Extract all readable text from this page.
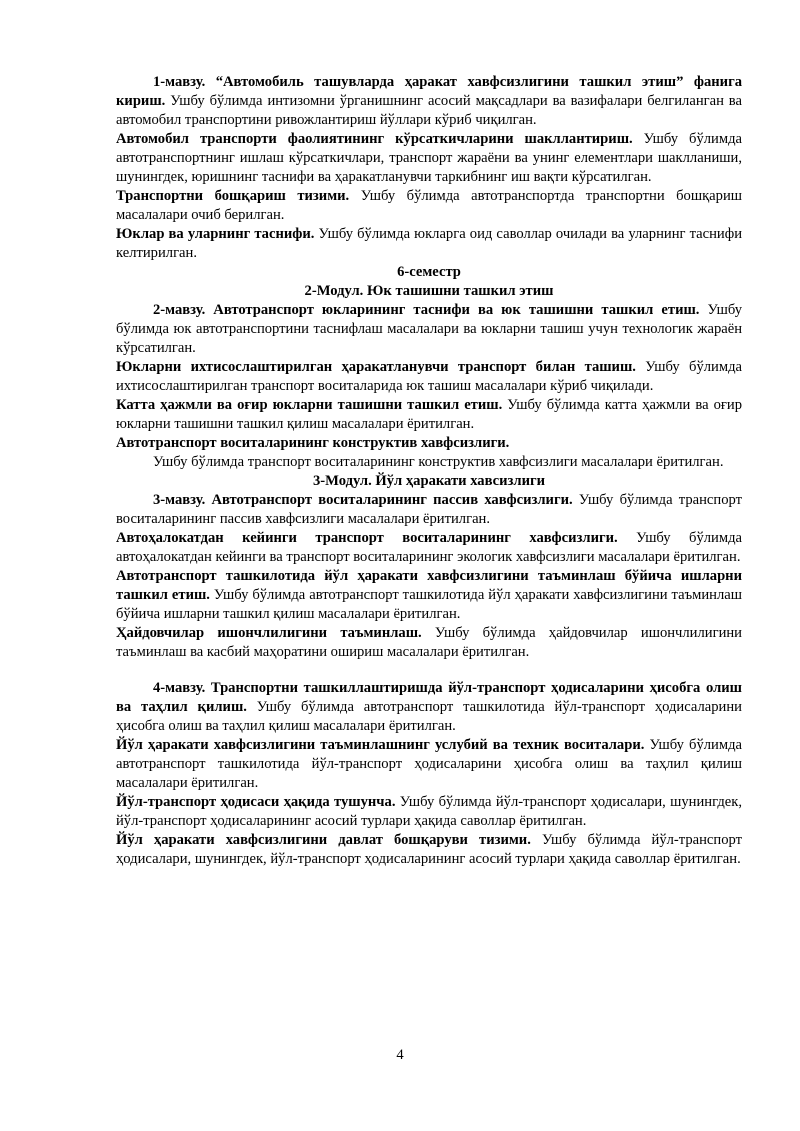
1-мавзу. “Автомобиль ташувларда ҳаракат хавфсизлигини ташкил этиш” фанига кириш. Ушбу бўлимда интизомни ўрганишнинг асосий мақсадлари ва вазифалари белгиланган ва автомобил транспортини ривожлантириш йўллари кўриб чиқилган.

Автомобил транспорти фаолиятининг кўрсаткичларини шакллантириш. Ушбу бўлимда автотранспортнинг ишлаш кўрсаткичлари, транспорт жараёни ва унинг елементлари шаклланиши, шунингдек, юришнинг таснифи ва ҳаракатланувчи таркибнинг иш вақти кўрсатилган.

Транспортни бошқариш тизими. Ушбу бўлимда автотранспортда транспортни бошқариш масалалари очиб берилган.

Юклар ва уларнинг таснифи. Ушбу бўлимда юкларга оид саволлар очилади ва уларнинг таснифи келтирилган.

6-семестр

2-Модул. Юк ташишни ташкил этиш

2-мавзу. Автотранспорт юкларининг таснифи ва юк ташишни ташкил етиш. Ушбу бўлимда юк автотранспортини таснифлаш масалалари ва юкларни ташиш учун технологик жараён кўрсатилган.

Юкларни ихтисослаштирилган ҳаракатланувчи транспорт билан ташиш. Ушбу бўлимда ихтисослаштирилган транспорт воситаларида юк ташиш масалалари кўриб чиқилади.

Катта ҳажмли ва оғир юкларни ташишни ташкил етиш. Ушбу бўлимда катта ҳажмли ва оғир юкларни ташишни ташкил қилиш масалалари ёритилган.

Автотранспорт воситаларининг конструктив хавфсизлиги.

Ушбу бўлимда транспорт воситаларининг конструктив хавфсизлиги масалалари ёритилган.

3-Модул. Йўл ҳаракати хавсизлиги

3-мавзу. Автотранспорт воситаларининг пассив хавфсизлиги. Ушбу бўлимда транспорт воситаларининг пассив хавфсизлиги масалалари ёритилган.

Автоҳалокатдан кейинги транспорт воситаларининг хавфсизлиги. Ушбу бўлимда автоҳалокатдан кейинги ва транспорт воситаларининг экологик хавфсизлиги масалалари ёритилган.

Автотранспорт ташкилотида йўл ҳаракати хавфсизлигини таъминлаш бўйича ишларни ташкил етиш. Ушбу бўлимда автотранспорт ташкилотида йўл ҳаракати хавфсизлигини таъминлаш бўйича ишларни ташкил қилиш масалалари ёритилган.

Ҳайдовчилар ишончлилигини таъминлаш. Ушбу бўлимда ҳайдовчилар ишончлилигини таъминлаш ва касбий маҳоратини ошириш масалалари ёритилган.

4-мавзу. Транспортни ташкиллаштиришда йўл-транспорт ҳодисаларини ҳисобга олиш ва таҳлил қилиш. Ушбу бўлимда автотранспорт ташкилотида йўл-транспорт ҳодисаларини ҳисобга олиш ва таҳлил қилиш масалалари ёритилган.

Йўл ҳаракати хавфсизлигини таъминлашнинг услубий ва техник воситалари. Ушбу бўлимда автотранспорт ташкилотида йўл-транспорт ҳодисаларини ҳисобга олиш ва таҳлил қилиш масалалари ёритилган.

Йўл-транспорт ҳодисаси ҳақида тушунча. Ушбу бўлимда йўл-транспорт ҳодисалари, шунингдек, йўл-транспорт ҳодисаларининг асосий турлари ҳақида саволлар ёритилган.

Йўл ҳаракати хавфсизлигини давлат бошқаруви тизими. Ушбу бўлимда йўл-транспорт ҳодисалари, шунингдек, йўл-транспорт ҳодисаларининг асосий турлари ҳақида саволлар ёритилган.

4
